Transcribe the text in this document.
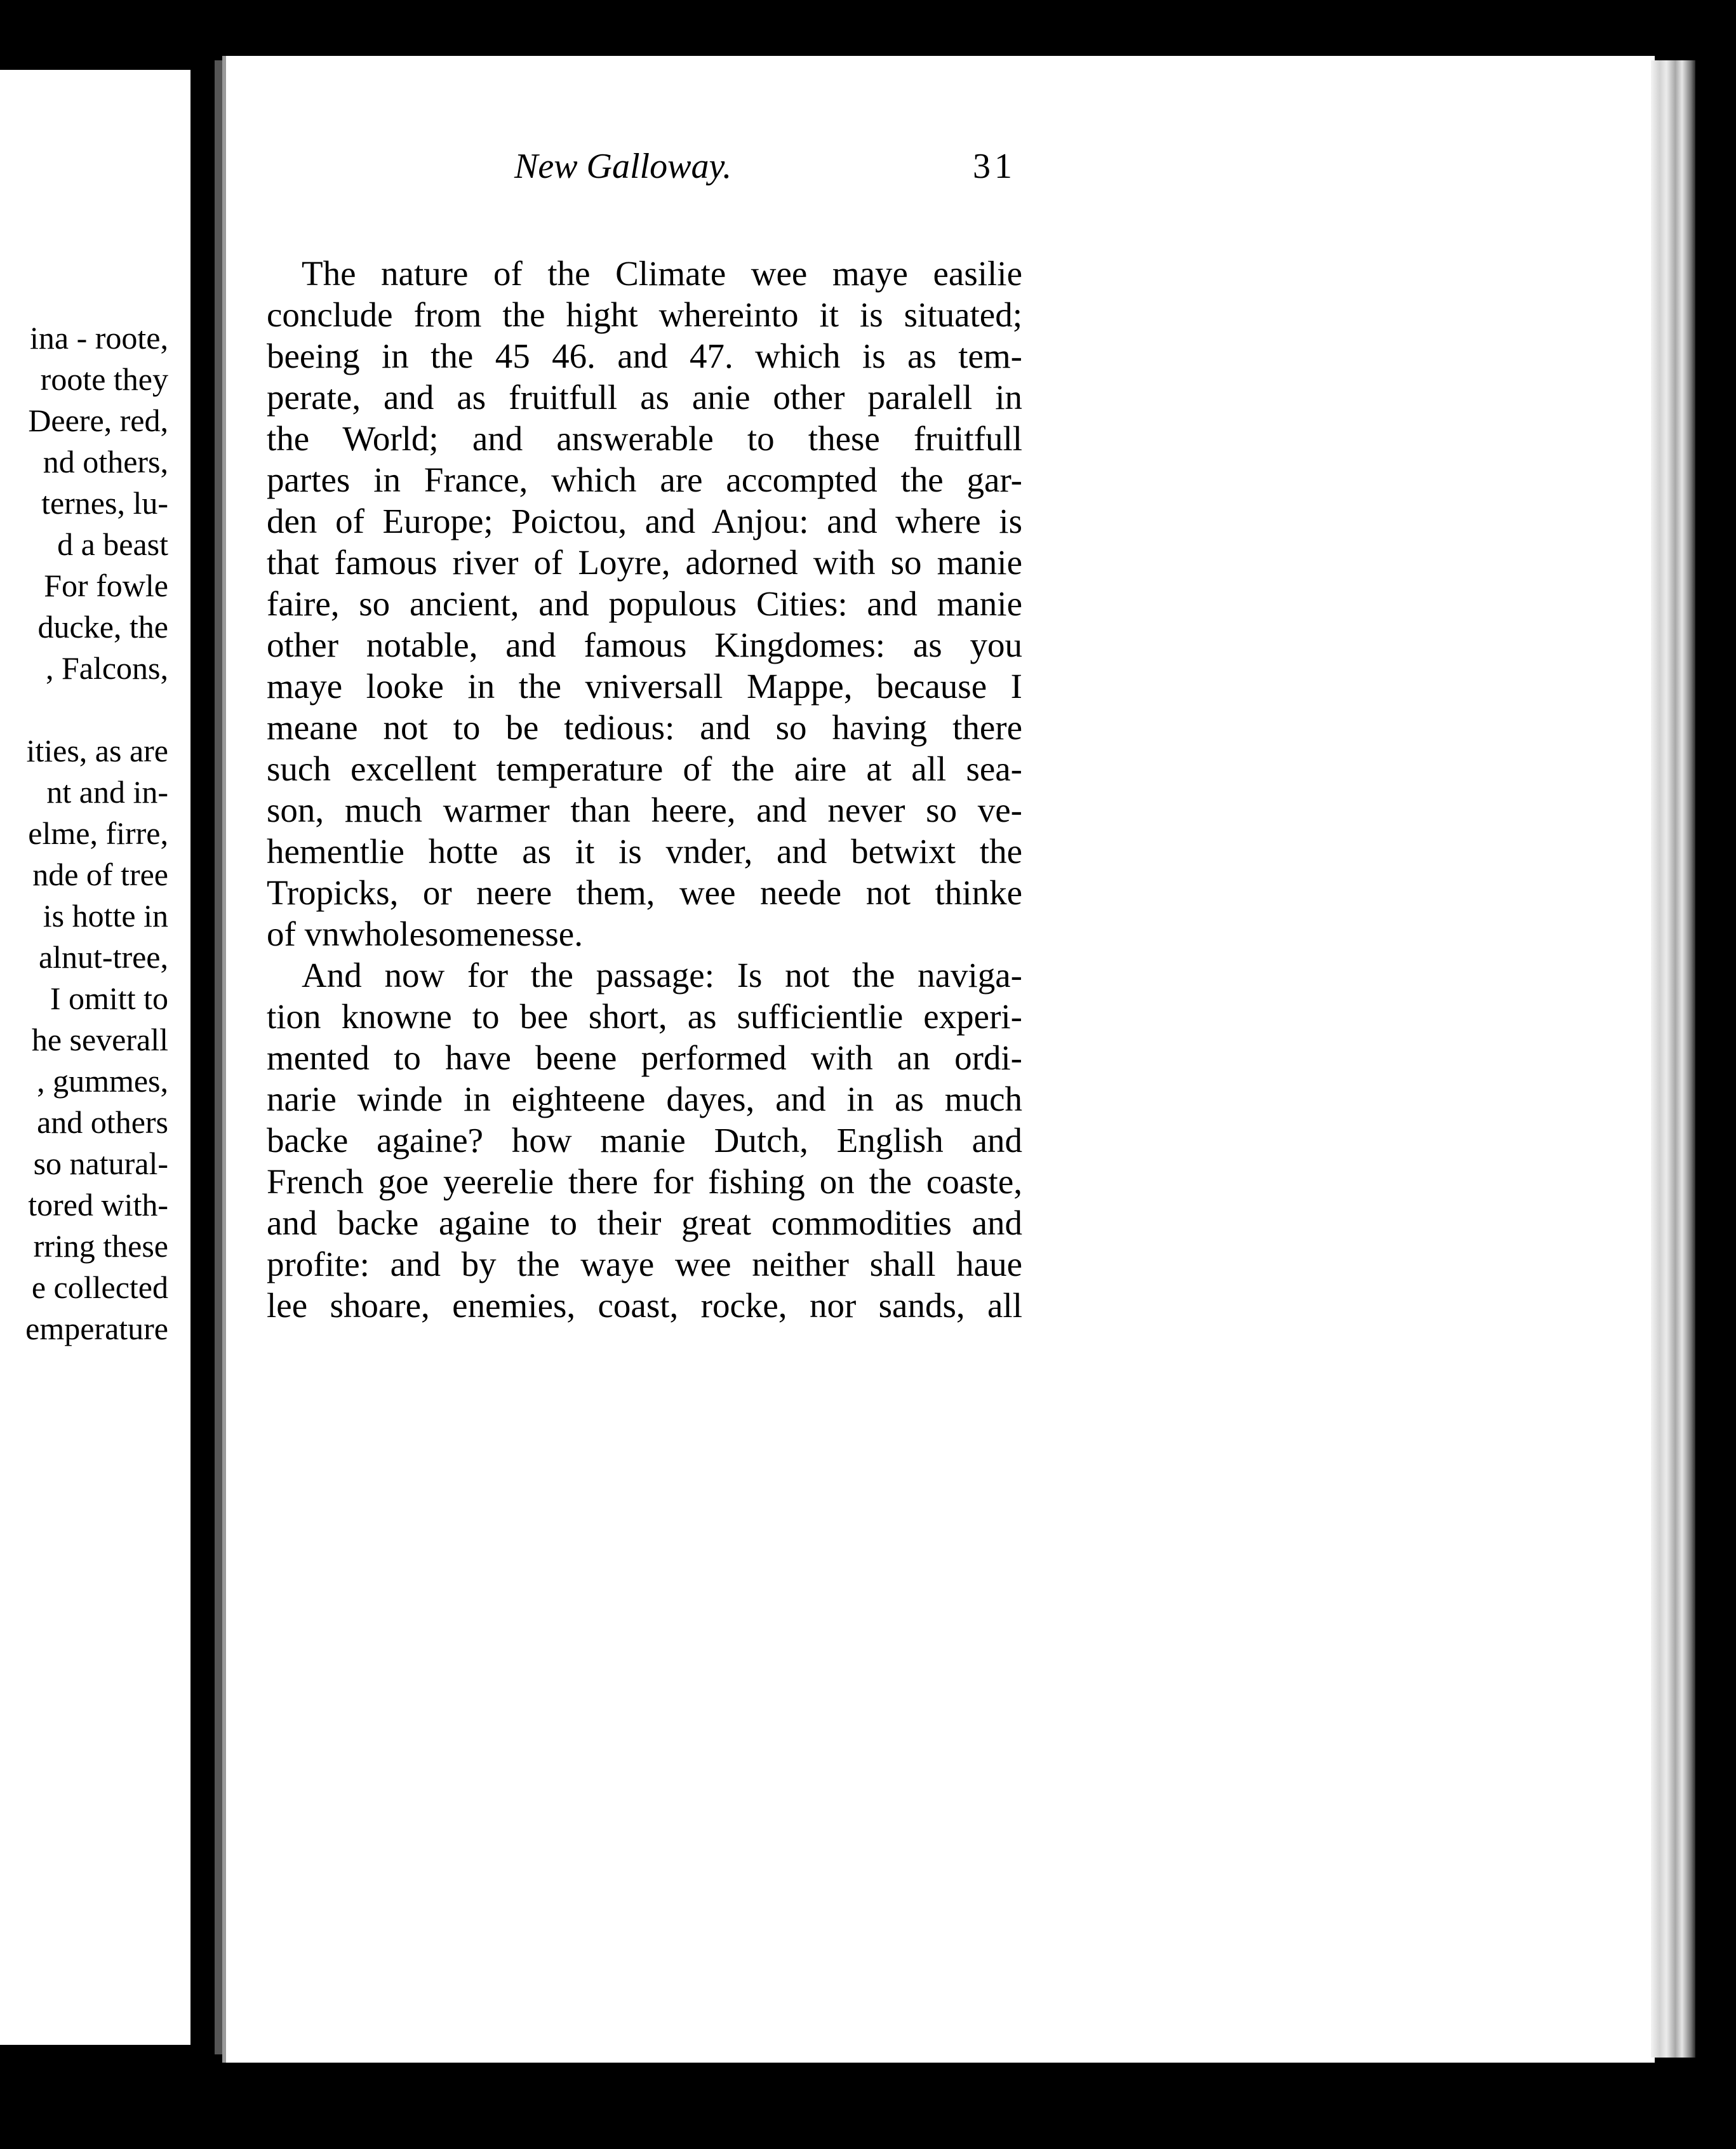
ina - roote,
roote they
Deere, red,
nd others,
ternes, lu-
d a beast
For fowle
ducke, the
, Falcons,
ities, as are
nt and in-
elme, firre,
nde of tree
is hotte in
alnut-tree,
I omitt to
he severall
, gummes,
and others
so natural-
tored with-
rring these
e collected
emperature
New Galloway.	31
The nature of the Climate wee maye easilie
conclude from the hight whereinto it is situated;
beeing in the 45 46. and 47. which is as tem-
perate, and as fruitfull as anie other paralell in
the World; and answerable to these fruitfull
partes in France, which are accompted the gar-
den of Europe; Poictou, and Anjou: and where is
that famous river of Loyre, adorned with so manie
faire, so ancient, and populous Cities: and manie
other notable, and famous Kingdomes: as you
maye looke in the vniversall Mappe, because I
meane not to be tedious: and so having there
such excellent temperature of the aire at all sea-
son, much warmer than heere, and never so ve-
hementlie hotte as it is vnder, and betwixt the
Tropicks, or neere them, wee neede not thinke
of vnwholesomenesse.
And now for the passage: Is not the naviga-
tion knowne to bee short, as sufficientlie experi-
mented to have beene performed with an ordi-
narie winde in eighteene dayes, and in as much
backe againe? how manie Dutch, English and
French goe yeerelie there for fishing on the coaste,
and backe againe to their great commodities and
profite: and by the waye wee neither shall haue
lee shoare, enemies, coast, rocke, nor sands, all
